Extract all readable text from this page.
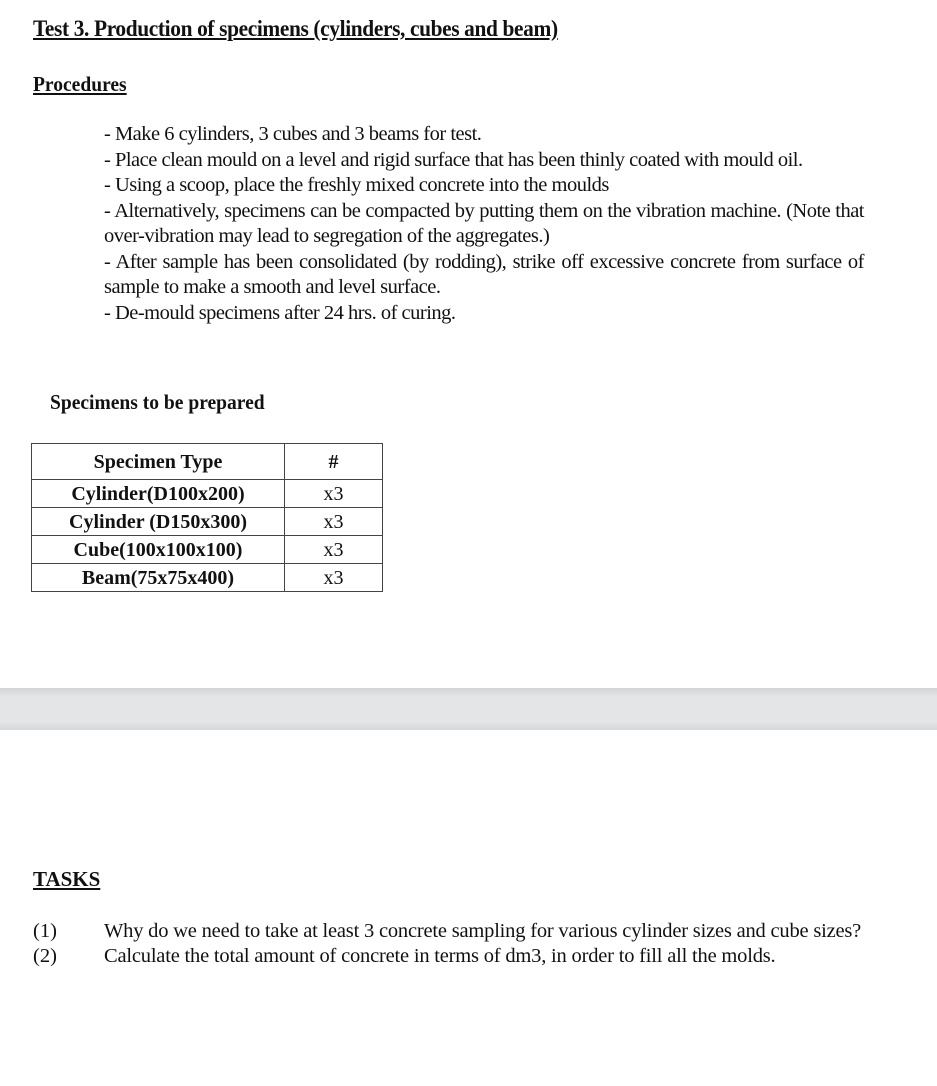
Test 3. Production of specimens (cylinders, cubes and beam)
Procedures
- Make 6 cylinders, 3 cubes and 3 beams for test.
- Place clean mould on a level and rigid surface that has been thinly coated with mould oil.
- Using a scoop, place the freshly mixed concrete into the moulds
- Alternatively, specimens can be compacted by putting them on the vibration machine. (Note that over-vibration may lead to segregation of the aggregates.)
- After sample has been consolidated (by rodding), strike off excessive concrete from surface of sample to make a smooth and level surface.
- De-mould specimens after 24 hrs. of curing.
Specimens to be prepared
Specimen Type	#
Cylinder(D100x200)	x3
Cylinder (D150x300)	x3
Cube(100x100x100)	x3
Beam(75x75x400)	x3
TASKS
(1)	Why do we need to take at least 3 concrete sampling for various cylinder sizes and cube sizes?
(2)	Calculate the total amount of concrete in terms of dm3, in order to fill all the molds.
